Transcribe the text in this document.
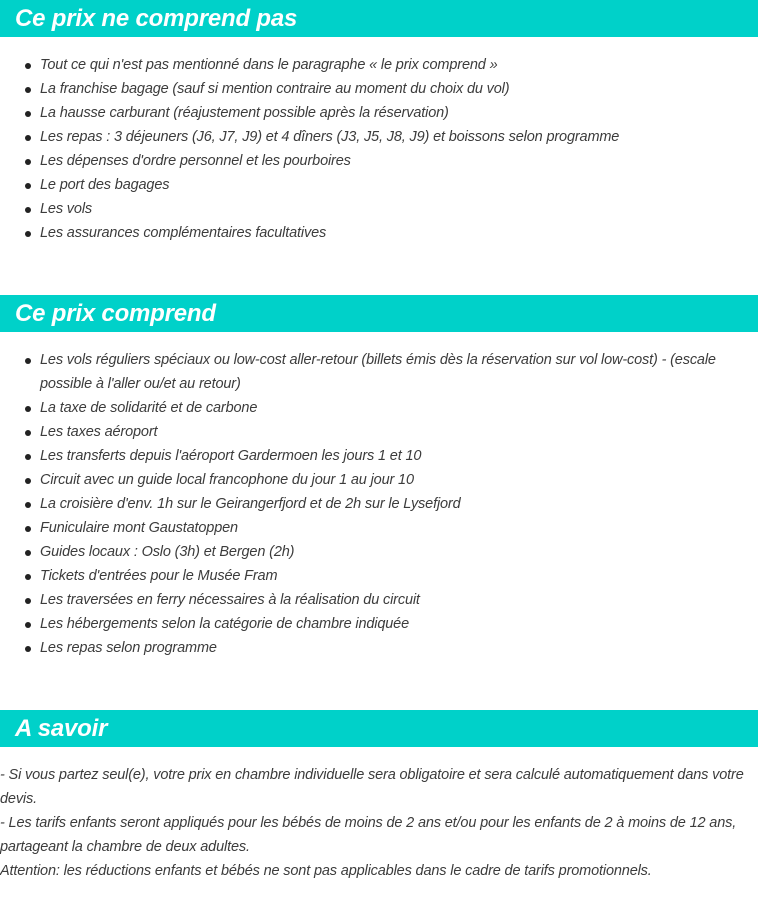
Ce prix ne comprend pas
Tout ce qui n'est pas mentionné dans le paragraphe « le prix comprend »
La franchise bagage (sauf si mention contraire au moment du choix du vol)
La hausse carburant (réajustement possible après la réservation)
Les repas : 3 déjeuners (J6, J7, J9) et 4 dîners (J3, J5, J8, J9) et boissons selon programme
Les dépenses d'ordre personnel et les pourboires
Le port des bagages
Les vols
Les assurances complémentaires facultatives
Ce prix comprend
Les vols réguliers spéciaux ou low-cost aller-retour (billets émis dès la réservation sur vol low-cost) - (escale possible à l'aller ou/et au retour)
La taxe de solidarité et de carbone
Les taxes aéroport
Les transferts depuis l'aéroport Gardermoen les jours 1 et 10
Circuit avec un guide local francophone du jour 1 au jour 10
La croisière d'env. 1h sur le Geirangerfjord et de 2h sur le Lysefjord
Funiculaire mont Gaustatoppen
Guides locaux : Oslo (3h) et Bergen (2h)
Tickets d'entrées pour le Musée Fram
Les traversées en ferry nécessaires à la réalisation du circuit
Les hébergements selon la catégorie de chambre indiquée
Les repas selon programme
A savoir

- Si vous partez seul(e), votre prix en chambre individuelle sera obligatoire et sera calculé automatiquement dans votre devis.

- Les tarifs enfants seront appliqués pour les bébés de moins de 2 ans et/ou pour les enfants de 2 à moins de 12 ans, partageant la chambre de deux adultes.

Attention: les réductions enfants et bébés ne sont pas applicables dans le cadre de tarifs promotionnels.
